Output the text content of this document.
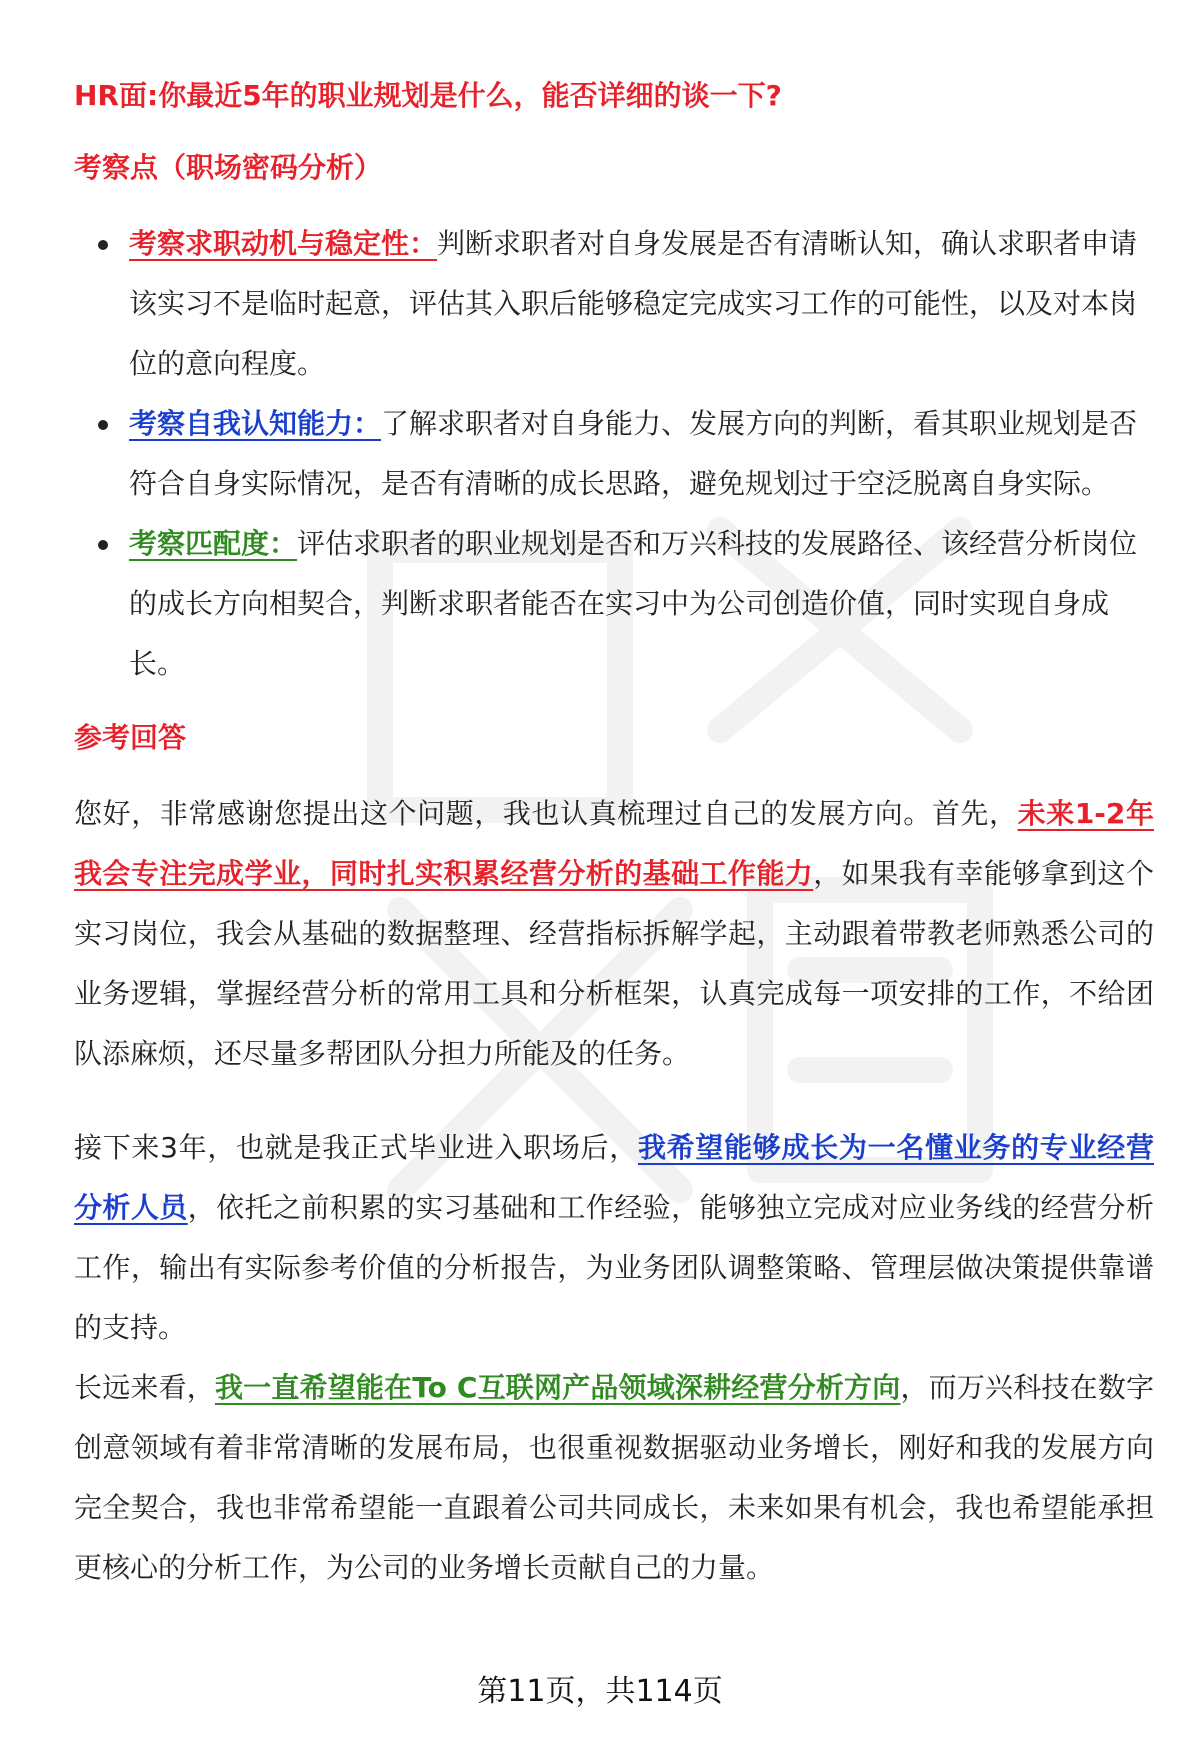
HR面:你最近5年的职业规划是什么，能否详细的谈一下?
考察点（职场密码分析）
考察求职动机与稳定性：判断求职者对自身发展是否有清晰认知，确认求职者申请该实习不是临时起意，评估其入职后能够稳定完成实习工作的可能性，以及对本岗位的意向程度。
考察自我认知能力：了解求职者对自身能力、发展方向的判断，看其职业规划是否符合自身实际情况，是否有清晰的成长思路，避免规划过于空泛脱离自身实际。
考察匹配度：评估求职者的职业规划是否和万兴科技的发展路径、该经营分析岗位的成长方向相契合，判断求职者能否在实习中为公司创造价值，同时实现自身成长。
参考回答

您好，非常感谢您提出这个问题，我也认真梳理过自己的发展方向。首先，未来1-2年我会专注完成学业，同时扎实积累经营分析的基础工作能力，如果我有幸能够拿到这个实习岗位，我会从基础的数据整理、经营指标拆解学起，主动跟着带教老师熟悉公司的业务逻辑，掌握经营分析的常用工具和分析框架，认真完成每一项安排的工作，不给团队添麻烦，还尽量多帮团队分担力所能及的任务。

接下来3年，也就是我正式毕业进入职场后，我希望能够成长为一名懂业务的专业经营分析人员，依托之前积累的实习基础和工作经验，能够独立完成对应业务线的经营分析工作，输出有实际参考价值的分析报告，为业务团队调整策略、管理层做决策提供靠谱的支持。

长远来看，我一直希望能在To C互联网产品领域深耕经营分析方向，而万兴科技在数字创意领域有着非常清晰的发展布局，也很重视数据驱动业务增长，刚好和我的发展方向完全契合，我也非常希望能一直跟着公司共同成长，未来如果有机会，我也希望能承担更核心的分析工作，为公司的业务增长贡献自己的力量。

第11页，共114页
